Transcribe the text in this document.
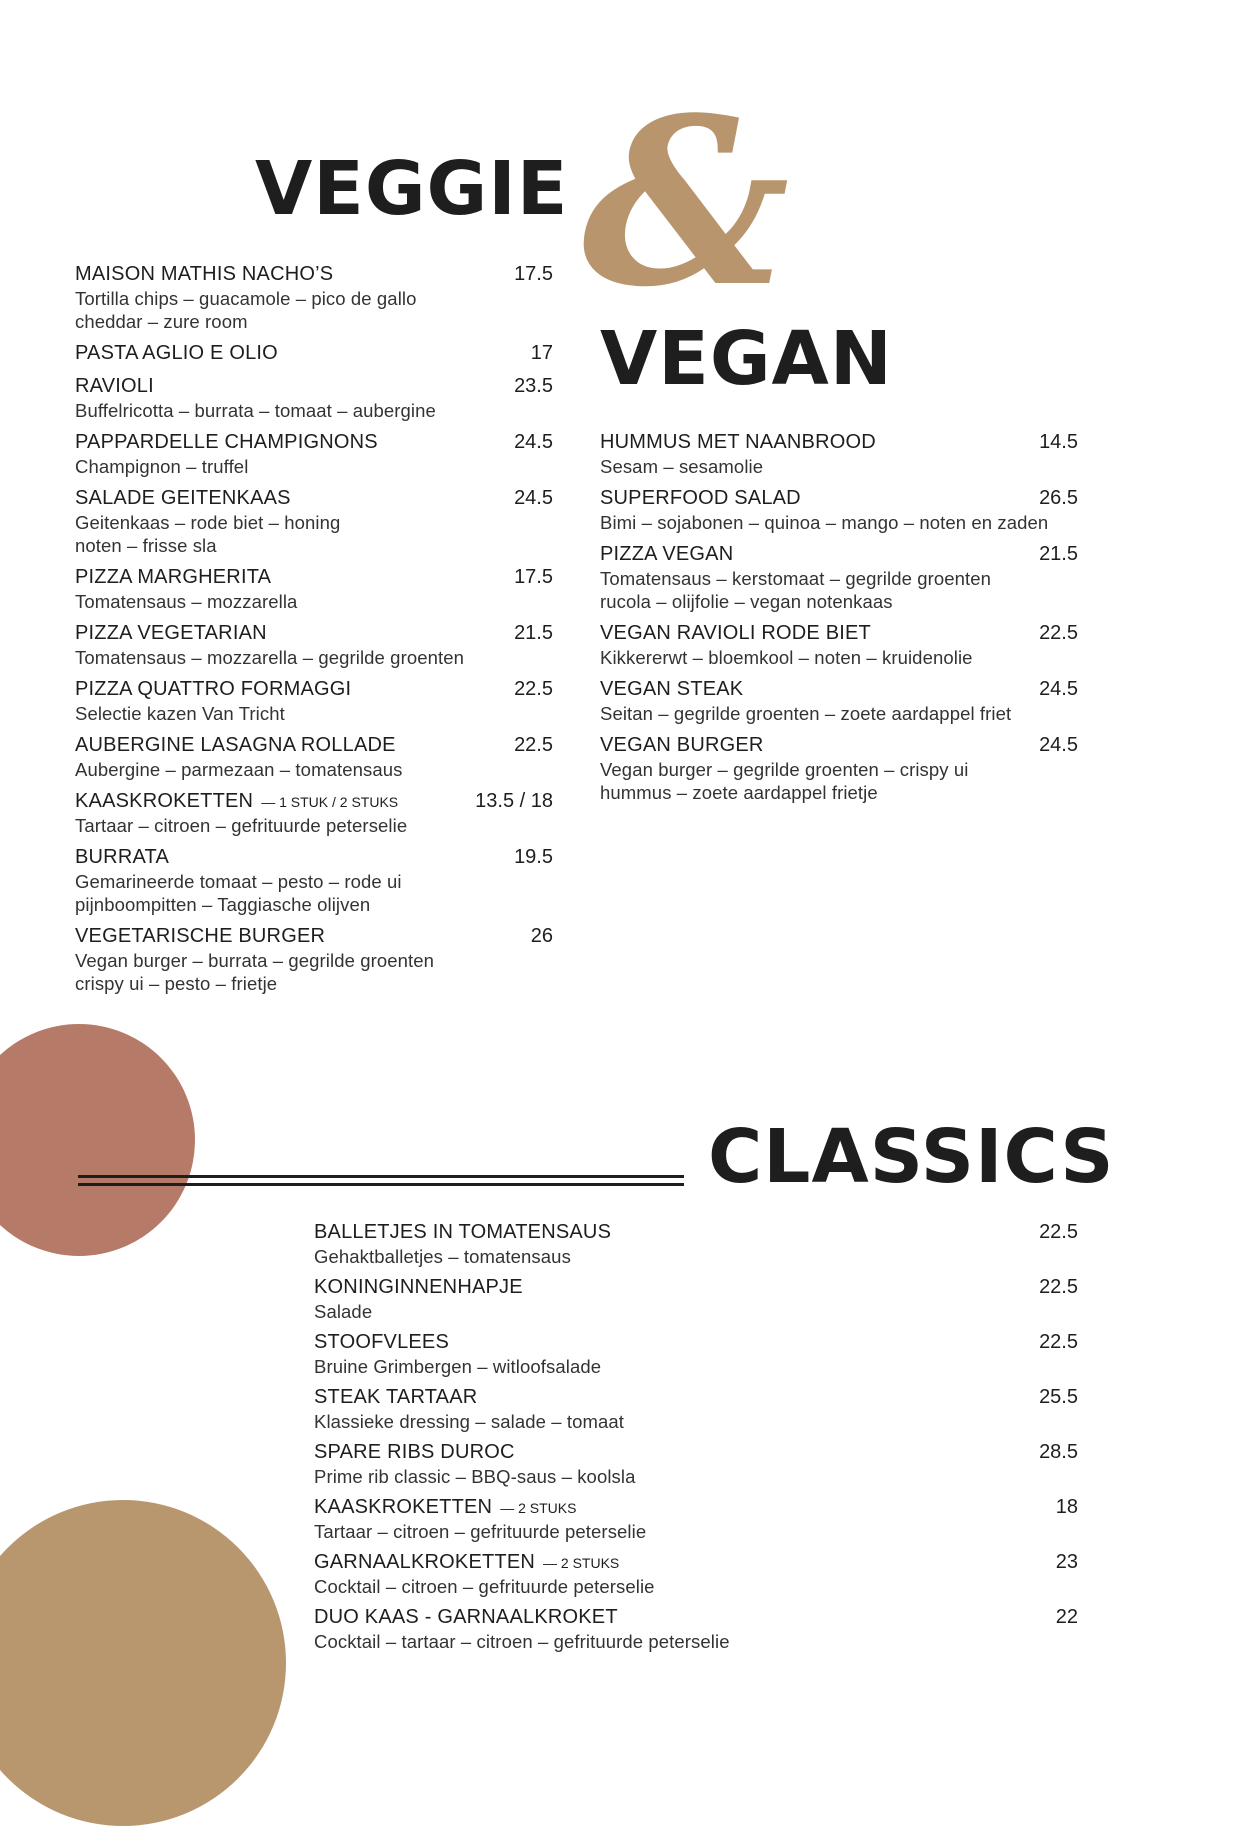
VEGGIE &
VEGAN
CLASSICS
MAISON MATHIS NACHO’S	17.5
Tortilla chips – guacamole – pico de gallo
cheddar – zure room
PASTA AGLIO E OLIO	17
RAVIOLI	23.5
Buffelricotta – burrata – tomaat – aubergine
PAPPARDELLE CHAMPIGNONS	24.5
Champignon – truffel
SALADE GEITENKAAS	24.5
Geitenkaas – rode biet – honing
noten – frisse sla
PIZZA MARGHERITA	17.5
Tomatensaus – mozzarella
PIZZA VEGETARIAN	21.5
Tomatensaus – mozzarella – gegrilde groenten
PIZZA QUATTRO FORMAGGI	22.5
Selectie kazen Van Tricht
AUBERGINE LASAGNA ROLLADE	22.5
Aubergine – parmezaan – tomatensaus
KAASKROKETTEN — 1 STUK / 2 STUKS	13.5 / 18
Tartaar – citroen – gefrituurde peterselie
BURRATA	19.5
Gemarineerde tomaat – pesto – rode ui
pijnboompitten – Taggiasche olijven
VEGETARISCHE BURGER	26
Vegan burger – burrata – gegrilde groenten
crispy ui – pesto – frietje
HUMMUS MET NAANBROOD	14.5
Sesam – sesamolie
SUPERFOOD SALAD	26.5
Bimi – sojabonen – quinoa – mango – noten en zaden
PIZZA VEGAN	21.5
Tomatensaus – kerstomaat – gegrilde groenten
rucola – olijfolie – vegan notenkaas
VEGAN RAVIOLI RODE BIET	22.5
Kikkererwt – bloemkool – noten – kruidenolie
VEGAN STEAK	24.5
Seitan – gegrilde groenten – zoete aardappel friet
VEGAN BURGER	24.5
Vegan burger – gegrilde groenten – crispy ui
hummus – zoete aardappel frietje
BALLETJES IN TOMATENSAUS	22.5
Gehaktballetjes – tomatensaus
KONINGINNENHAPJE	22.5
Salade
STOOFVLEES	22.5
Bruine Grimbergen – witloofsalade
STEAK TARTAAR	25.5
Klassieke dressing – salade – tomaat
SPARE RIBS DUROC	28.5
Prime rib classic – BBQ-saus – koolsla
KAASKROKETTEN — 2 STUKS	18
Tartaar – citroen – gefrituurde peterselie
GARNAALKROKETTEN — 2 STUKS	23
Cocktail – citroen – gefrituurde peterselie
DUO KAAS - GARNAALKROKET	22
Cocktail – tartaar – citroen – gefrituurde peterselie
